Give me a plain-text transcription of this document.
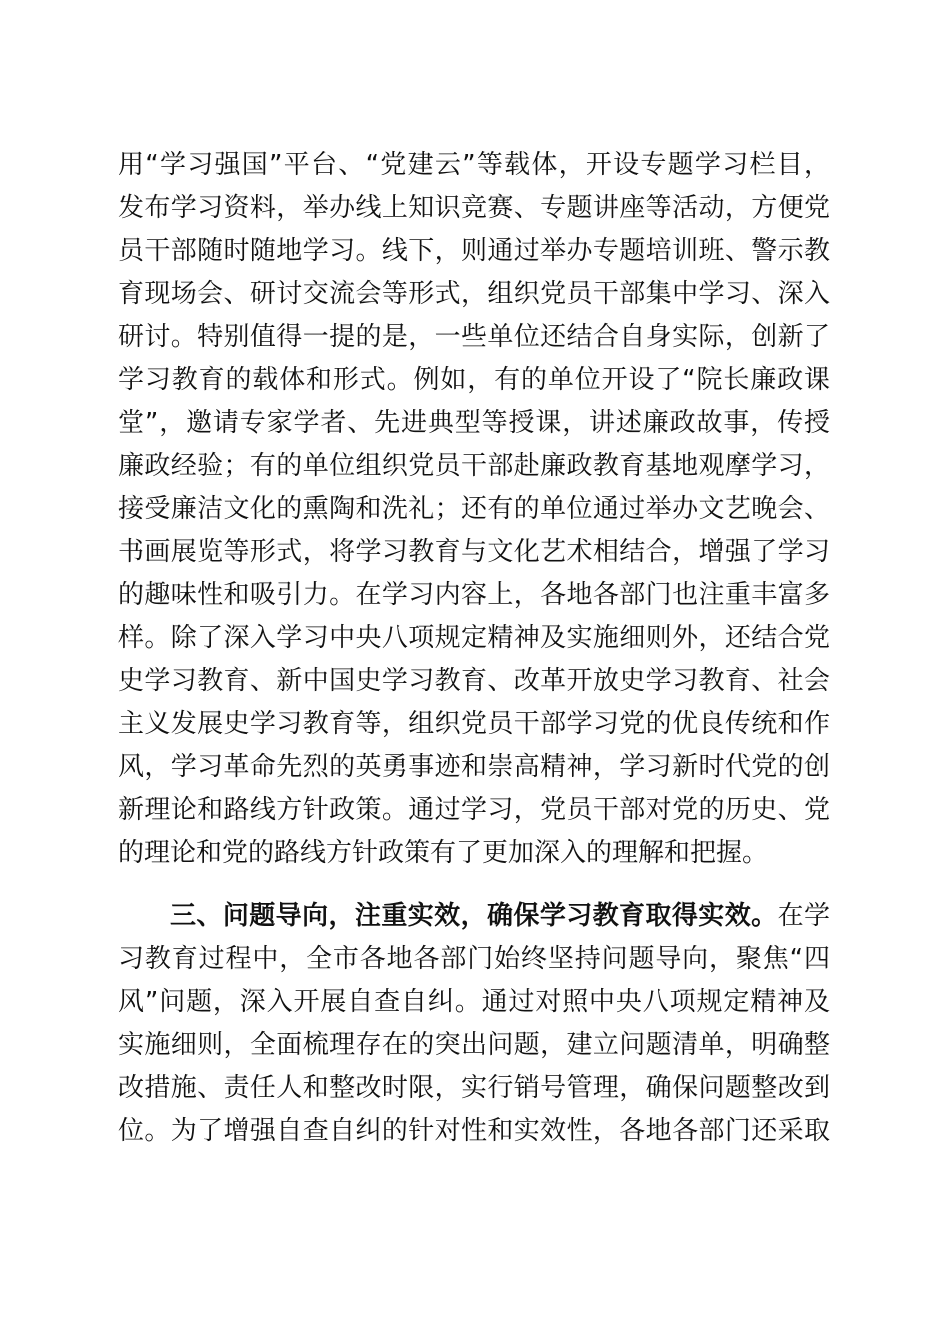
用“学习强国”平台、“党建云”等载体，开设专题学习栏目，
发布学习资料，举办线上知识竞赛、专题讲座等活动，方便党
员干部随时随地学习。线下，则通过举办专题培训班、警示教
育现场会、研讨交流会等形式，组织党员干部集中学习、深入
研讨。特别值得一提的是，一些单位还结合自身实际，创新了
学习教育的载体和形式。例如，有的单位开设了“院长廉政课
堂”，邀请专家学者、先进典型等授课，讲述廉政故事，传授
廉政经验；有的单位组织党员干部赴廉政教育基地观摩学习，
接受廉洁文化的熏陶和洗礼；还有的单位通过举办文艺晚会、
书画展览等形式，将学习教育与文化艺术相结合，增强了学习
的趣味性和吸引力。在学习内容上，各地各部门也注重丰富多
样。除了深入学习中央八项规定精神及实施细则外，还结合党
史学习教育、新中国史学习教育、改革开放史学习教育、社会
主义发展史学习教育等，组织党员干部学习党的优良传统和作
风，学习革命先烈的英勇事迹和崇高精神，学习新时代党的创
新理论和路线方针政策。通过学习，党员干部对党的历史、党
的理论和党的路线方针政策有了更加深入的理解和把握。
三、问题导向，注重实效，确保学习教育取得实效。在学
习教育过程中，全市各地各部门始终坚持问题导向，聚焦“四
风”问题，深入开展自查自纠。通过对照中央八项规定精神及
实施细则，全面梳理存在的突出问题，建立问题清单，明确整
改措施、责任人和整改时限，实行销号管理，确保问题整改到
位。为了增强自查自纠的针对性和实效性，各地各部门还采取
